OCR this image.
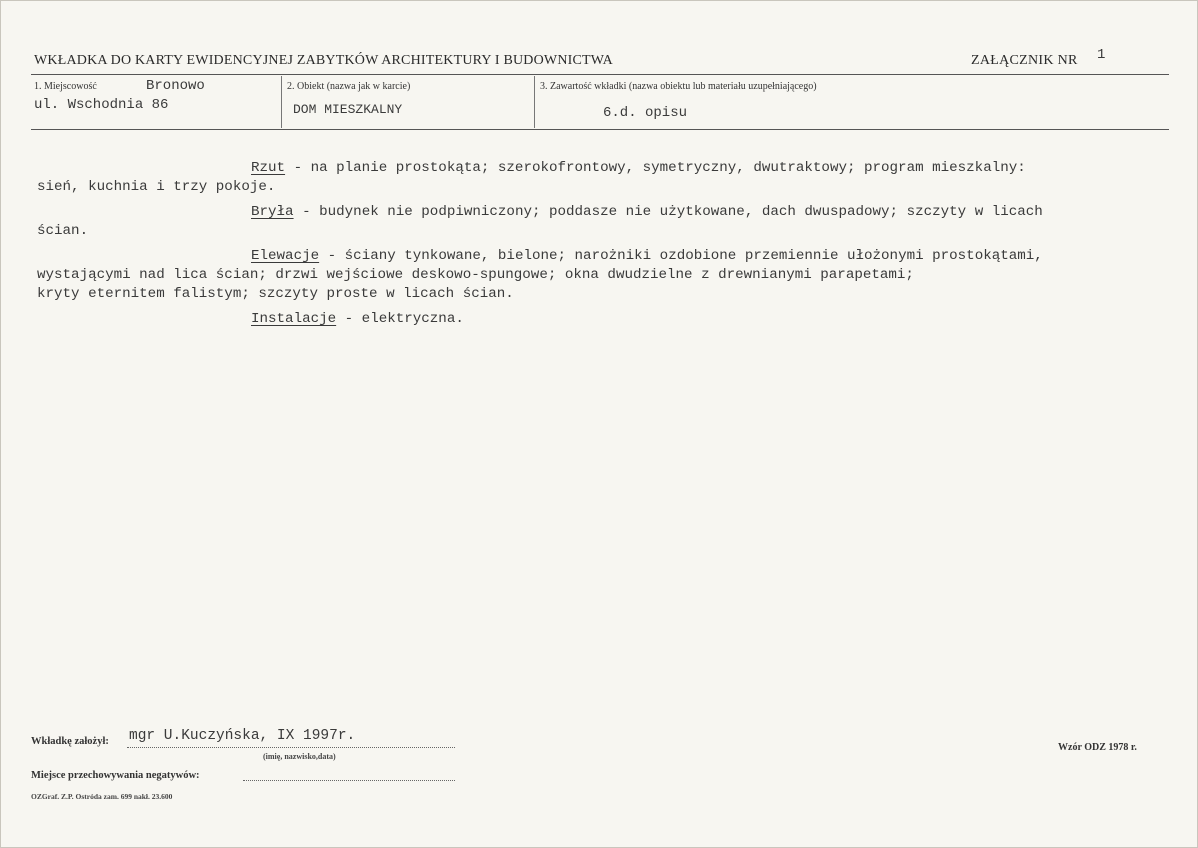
WKŁADKA DO KARTY EWIDENCYJNEJ ZABYTKÓW ARCHITEKTURY I BUDOWNICTWA	ZAŁĄCZNIK NR 1
1. Miejscowość	Bronowo
ul. Wschodnia 86
2. Obiekt (nazwa jak w karcie)
DOM MIESZKALNY
3. Zawartość wkładki (nazwa obiektu lub materiału uzupełniającego)
6.d. opisu

Rzut - na planie prostokąta; szerokofrontowy, symetryczny, dwutraktowy; program mieszkalny:
sień, kuchnia i trzy pokoje.

Bryła - budynek nie podpiwniczony; poddasze nie użytkowane, dach dwuspadowy; szczyty w licach
ścian.

Elewacje - ściany tynkowane, bielone; narożniki ozdobione przemiennie ułożonymi prostokątami,
wystającymi nad lica ścian; drzwi wejściowe deskowo-spungowe; okna dwudzielne z drewnianymi parapetami;
kryty eternitem falistym; szczyty proste w licach ścian.

Instalacje - elektryczna.

Wkładkę założył: mgr U.Kuczyńska, IX 1997r.
(imię, nazwisko,data)
Miejsce przechowywania negatywów:
OZGraf. Z.P. Ostróda zam. 699 nakł. 23.600
Wzór ODZ 1978 r.
